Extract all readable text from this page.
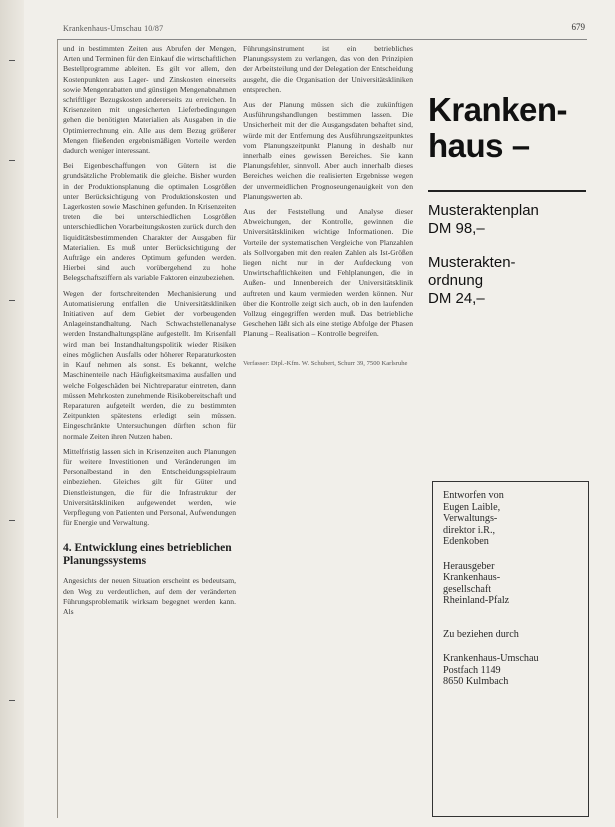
Krankenhaus-Umschau 10/87	679

und in bestimmten Zeiten aus Abrufen der Mengen, Arten und Terminen für den Einkauf die wirtschaftlichen Bestellprogramme ableiten. Es gilt vor allem, den Kostenpunkten aus Lager- und Zinskosten einerseits sowie Mengenrabatten und günstigen Mengenabnahmen schriftliger Bezugskosten andererseits zu erreichen. In Krisenzeiten mit ungesicherten Lieferbedingungen gehen die benötigten Materialien als Ausgaben in die Optimierrechnung ein. Alle aus dem Bezug größerer Mengen fließenden ergebnismäßigen Vorteile werden dadurch weniger interessant.

Bei Eigenbeschaffungen von Gütern ist die grundsätzliche Problematik die gleiche. Bisher wurden in der Produktionsplanung die optimalen Losgrößen unter Berücksichtigung von Produktionskosten und Lagerkosten sowie Maschinen gefunden. In Krisenzeiten treten die bei unterschiedlichen Losgrößen unterschiedlichen Vorarbeitungskosten zurück durch den liquiditätsbestimmenden Charakter der Ausgaben für Materialien. Es muß unter Berücksichtigung der Aufträge ein anderes Optimum gefunden werden. Hierbei sind auch vorübergehend zu hohe Belegschaftsziffern als variable Faktoren einzubeziehen.

Wegen der fortschreitenden Mechanisierung und Automatisierung entfallen die Universitätskliniken Initiativen auf dem Gebiet der vorbeugenden Anlageinstandhaltung. Nach Schwachstellenanalyse werden Instandhaltungspläne aufgestellt. Im Krisenfall wird man bei Instandhaltungspolitik wieder Risiken eines möglichen Ausfalls oder höherer Reparaturkosten in Kauf nehmen als sonst. Es bekannt, welche Maschinenteile nach Häufigkeitsmaxima ausfallen und welche Folgeschäden bei Nichtreparatur eintreten, dann müssen Mehrkosten zunehmende Risikobereitschaft und Reparaturen aufgeteilt werden, die zu bestimmten Zeitpunkten spätestens erledigt sein müssen. Eingeschränkte Untersuchungen dürften schon für normale Zeiten ihren Nutzen haben.

Mittelfristig lassen sich in Krisenzeiten auch Planungen für weitere Investitionen und Veränderungen im Personalbestand in den Entscheidungsspielraum einbeziehen. Gleiches gilt für Güter und Dienstleistungen, die für die Infrastruktur der Universitätskliniken aufgewendet werden, wie Verpflegung von Patienten und Personal, Aufwendungen für Energie und Verwaltung.

4. Entwicklung eines betrieblichen Planungssystems

Angesichts der neuen Situation erscheint es bedeutsam, den Weg zu verdeutlichen, auf dem der veränderten Führungsproblematik wirksam begegnet werden kann. Als

Führungsinstrument ist ein betriebliches Planungssystem zu verlangen, das von den Prinzipien der Arbeitsteilung und der Delegation der Entscheidung ausgeht, die die Organisation der Universitätskliniken entsprechen.

Aus der Planung müssen sich die zukünftigen Ausführungshandlungen bestimmen lassen. Die Unsicherheit mit der die Ausgangsdaten behaftet sind, würde mit der Entfernung des Ausführungszeitpunktes vom Planungszeitpunkt Planung in deshalb nur innerhalb eines gewissen Bereiches. Sie kann Planungsfehler, sinnvoll. Aber auch innerhalb dieses Bereiches weichen die realisierten Ergebnisse wegen der unvermeidlichen Prognoseungenauigkeit von den Planungswerten ab.

Aus der Feststellung und Analyse dieser Abweichungen, der Kontrolle, gewinnen die Universitätskliniken wichtige Informationen. Die Vorteile der systematischen Vergleiche von Planzahlen als Sollvorgaben mit den realen Zahlen als Ist-Größen liegen nicht nur in der Aufdeckung von Unwirtschaftlichkeiten und Fehlplanungen, die in Außen- und Innenbereich der Universitätsklinik auftreten und kaum vermieden werden können. Nur über die Kontrolle zeigt sich auch, ob in den laufenden Vollzug eingegriffen werden muß. Das betriebliche Geschehen läßt sich als eine stetige Abfolge der Phasen Planung – Realisation – Kontrolle begreifen.

Verfasser: Dipl.-Kfm. W. Schubert, Schurr 39, 7500 Karlsruhe
Kranken-
haus –
Musteraktenplan
DM 98,–
Musterakten-
ordnung
DM 24,–
Entworfen von
Eugen Laible,
Verwaltungs-
direktor i.R.,
Edenkoben
Herausgeber
Krankenhaus-
gesellschaft
Rheinland-Pfalz
Zu beziehen durch
Krankenhaus-Umschau
Postfach 1149
8650 Kulmbach
